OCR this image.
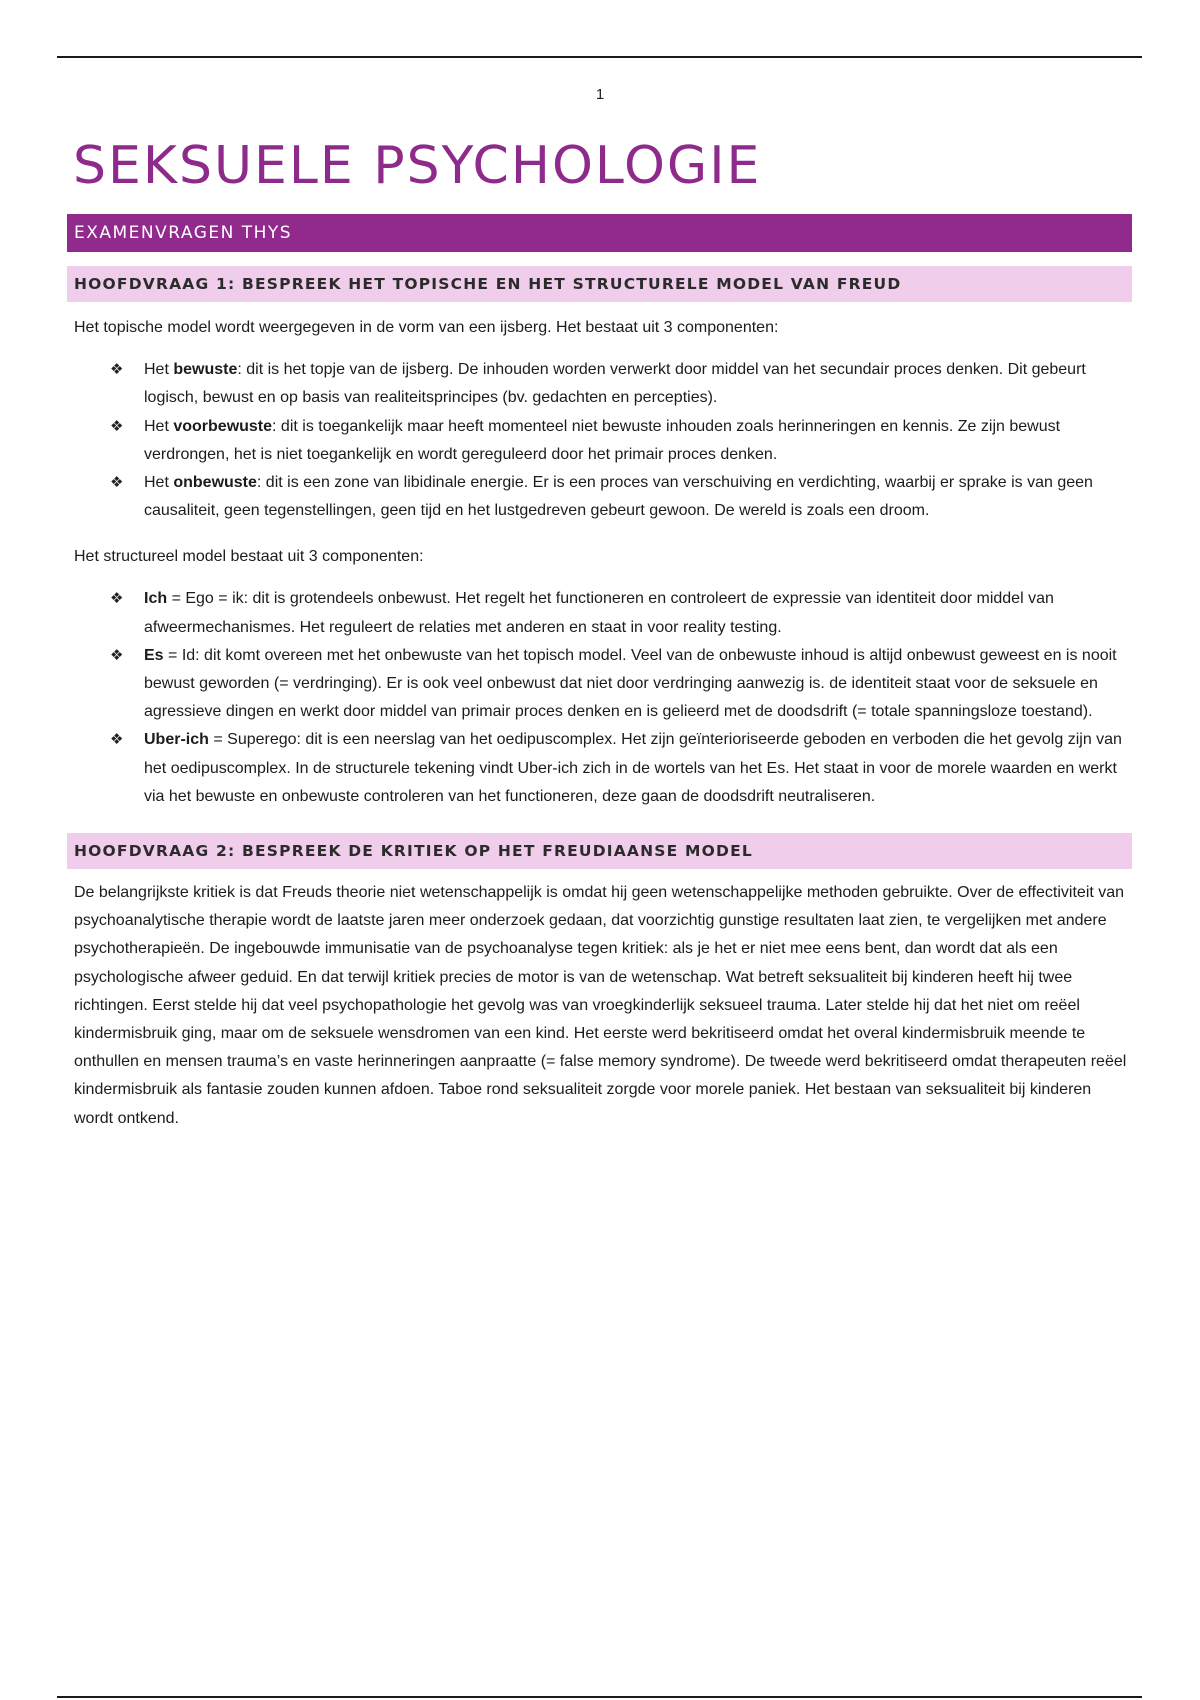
1
SEKSUELE PSYCHOLOGIE
EXAMENVRAGEN THYS
HOOFDVRAAG 1: BESPREEK HET TOPISCHE EN HET STRUCTURELE MODEL VAN FREUD

Het topische model wordt weergegeven in de vorm van een ijsberg. Het bestaat uit 3 componenten:

❖ Het bewuste: dit is het topje van de ijsberg. De inhouden worden verwerkt door middel van het secundair proces denken. Dit gebeurt logisch, bewust en op basis van realiteitsprincipes (bv. gedachten en percepties).
❖ Het voorbewuste: dit is toegankelijk maar heeft momenteel niet bewuste inhouden zoals herinneringen en kennis. Ze zijn bewust verdrongen, het is niet toegankelijk en wordt gereguleerd door het primair proces denken.
❖ Het onbewuste: dit is een zone van libidinale energie. Er is een proces van verschuiving en verdichting, waarbij er sprake is van geen causaliteit, geen tegenstellingen, geen tijd en het lustgedreven gebeurt gewoon. De wereld is zoals een droom.

Het structureel model bestaat uit 3 componenten:

❖ Ich = Ego = ik: dit is grotendeels onbewust. Het regelt het functioneren en controleert de expressie van identiteit door middel van afweermechanismes. Het reguleert de relaties met anderen en staat in voor reality testing.
❖ Es = Id: dit komt overeen met het onbewuste van het topisch model. Veel van de onbewuste inhoud is altijd onbewust geweest en is nooit bewust geworden (= verdringing). Er is ook veel onbewust dat niet door verdringing aanwezig is. de identiteit staat voor de seksuele en agressieve dingen en werkt door middel van primair proces denken en is gelieerd met de doodsdrift (= totale spanningsloze toestand).
❖ Uber-ich = Superego: dit is een neerslag van het oedipuscomplex. Het zijn geïnterioriseerde geboden en verboden die het gevolg zijn van het oedipuscomplex. In de structurele tekening vindt Uber-ich zich in de wortels van het Es. Het staat in voor de morele waarden en werkt via het bewuste en onbewuste controleren van het functioneren, deze gaan de doodsdrift neutraliseren.
HOOFDVRAAG 2: BESPREEK DE KRITIEK OP HET FREUDIAANSE MODEL

De belangrijkste kritiek is dat Freuds theorie niet wetenschappelijk is omdat hij geen wetenschappelijke methoden gebruikte. Over de effectiviteit van psychoanalytische therapie wordt de laatste jaren meer onderzoek gedaan, dat voorzichtig gunstige resultaten laat zien, te vergelijken met andere psychotherapieën. De ingebouwde immunisatie van de psychoanalyse tegen kritiek: als je het er niet mee eens bent, dan wordt dat als een psychologische afweer geduid. En dat terwijl kritiek precies de motor is van de wetenschap. Wat betreft seksualiteit bij kinderen heeft hij twee richtingen. Eerst stelde hij dat veel psychopathologie het gevolg was van vroegkinderlijk seksueel trauma. Later stelde hij dat het niet om reëel kindermisbruik ging, maar om de seksuele wensdromen van een kind. Het eerste werd bekritiseerd omdat het overal kindermisbruik meende te onthullen en mensen trauma’s en vaste herinneringen aanpraatte (= false memory syndrome). De tweede werd bekritiseerd omdat therapeuten reëel kindermisbruik als fantasie zouden kunnen afdoen. Taboe rond seksualiteit zorgde voor morele paniek. Het bestaan van seksualiteit bij kinderen wordt ontkend.
